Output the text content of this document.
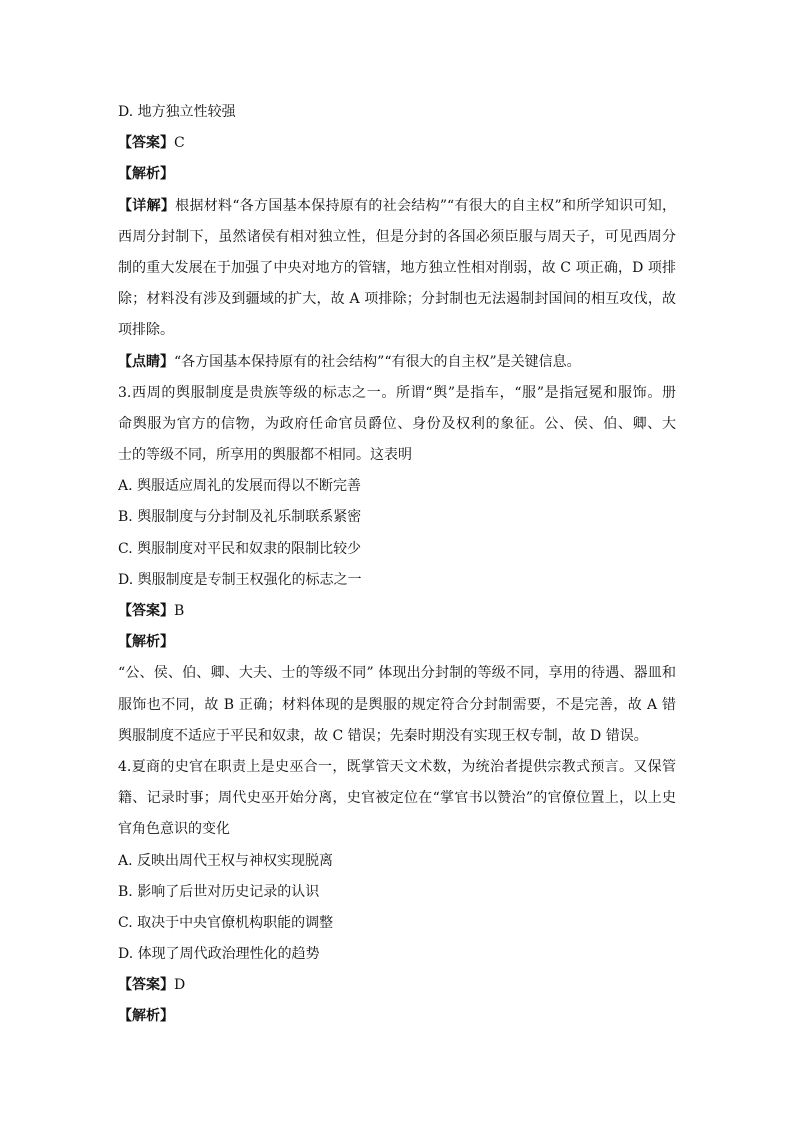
D. 地方独立性较强
【答案】C
【解析】
【详解】根据材料“各方国基本保持原有的社会结构”“有很大的自主权”和所学知识可知，
西周分封制下，虽然诸侯有相对独立性，但是分封的各国必须臣服与周天子，可见西周分
制的重大发展在于加强了中央对地方的管辖，地方独立性相对削弱，故 C 项正确，D 项排
除；材料没有涉及到疆域的扩大，故 A 项排除；分封制也无法遏制封国间的相互攻伐，故
项排除。
【点睛】“各方国基本保持原有的社会结构”“有很大的自主权”是关键信息。
3.西周的舆服制度是贵族等级的标志之一。所谓“舆”是指车，“服”是指冠冕和服饰。册
命舆服为官方的信物，为政府任命官员爵位、身份及权利的象征。公、侯、伯、卿、大
士的等级不同，所享用的舆服都不相同。这表明
A. 舆服适应周礼的发展而得以不断完善
B. 舆服制度与分封制及礼乐制联系紧密
C. 舆服制度对平民和奴隶的限制比较少
D. 舆服制度是专制王权强化的标志之一
【答案】B
【解析】
“公、侯、伯、卿、大夫、士的等级不同” 体现出分封制的等级不同，享用的待遇、器皿和
服饰也不同，故 B 正确；材料体现的是舆服的规定符合分封制需要，不是完善，故 A 错
舆服制度不适应于平民和奴隶，故 C 错误；先秦时期没有实现王权专制，故 D 错误。
4.夏商的史官在职责上是史巫合一，既掌管天文术数，为统治者提供宗教式预言。又保管
籍、记录时事；周代史巫开始分离，史官被定位在“掌官书以赞治”的官僚位置上，以上史
官角色意识的变化
A. 反映出周代王权与神权实现脱离
B. 影响了后世对历史记录的认识
C. 取决于中央官僚机构职能的调整
D. 体现了周代政治理性化的趋势
【答案】D
【解析】
